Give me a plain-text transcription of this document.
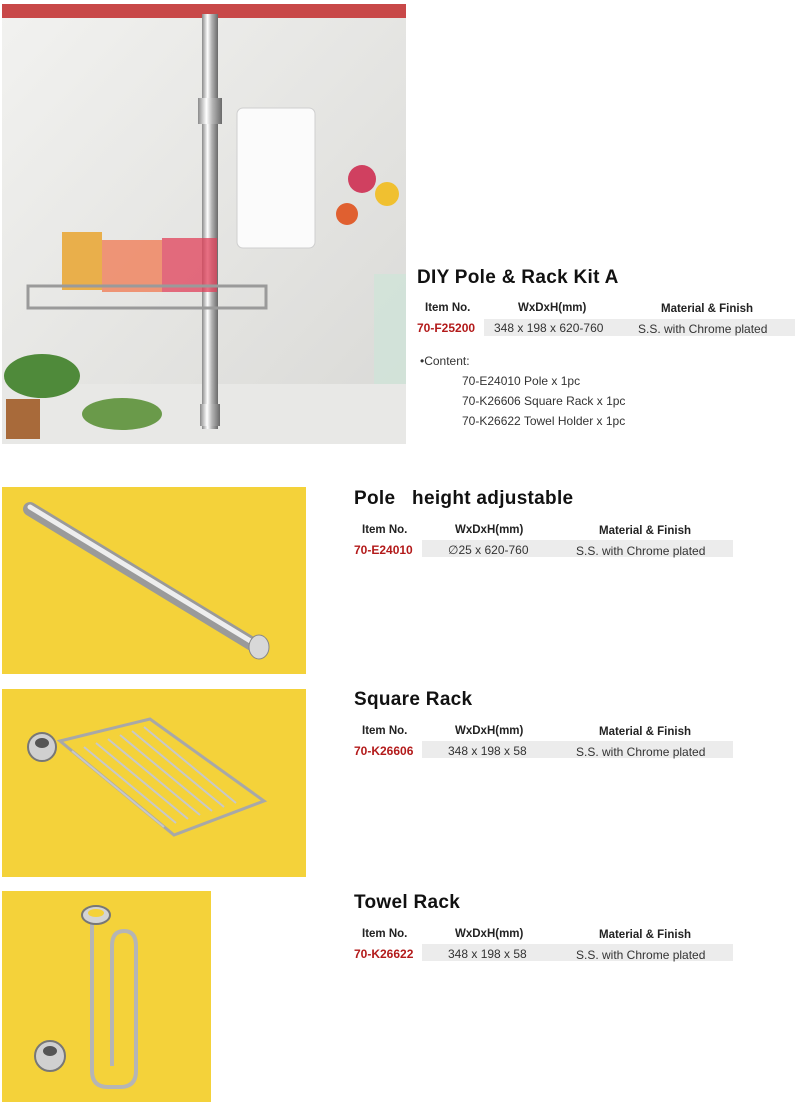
DIY Pole & Rack Kit A
Item No.	WxDxH(mm)	Material & Finish
70-F25200 348 x 198 x 620-760	S.S. with Chrome plated
•Content:
70-E24010 Pole x 1pc
70-K26606 Square Rack x 1pc
70-K26622 Towel Holder x 1pc
Pole   height adjustable
Item No.	WxDxH(mm)	Material & Finish
70-E24010	∅25 x 620-760	S.S. with Chrome plated
Square Rack
Item No.	WxDxH(mm)	Material & Finish
70-K26606	348 x 198 x 58	S.S. with Chrome plated
Towel Rack
Item No.	WxDxH(mm)	Material & Finish
70-K26622	348 x 198 x 58	S.S. with Chrome plated
